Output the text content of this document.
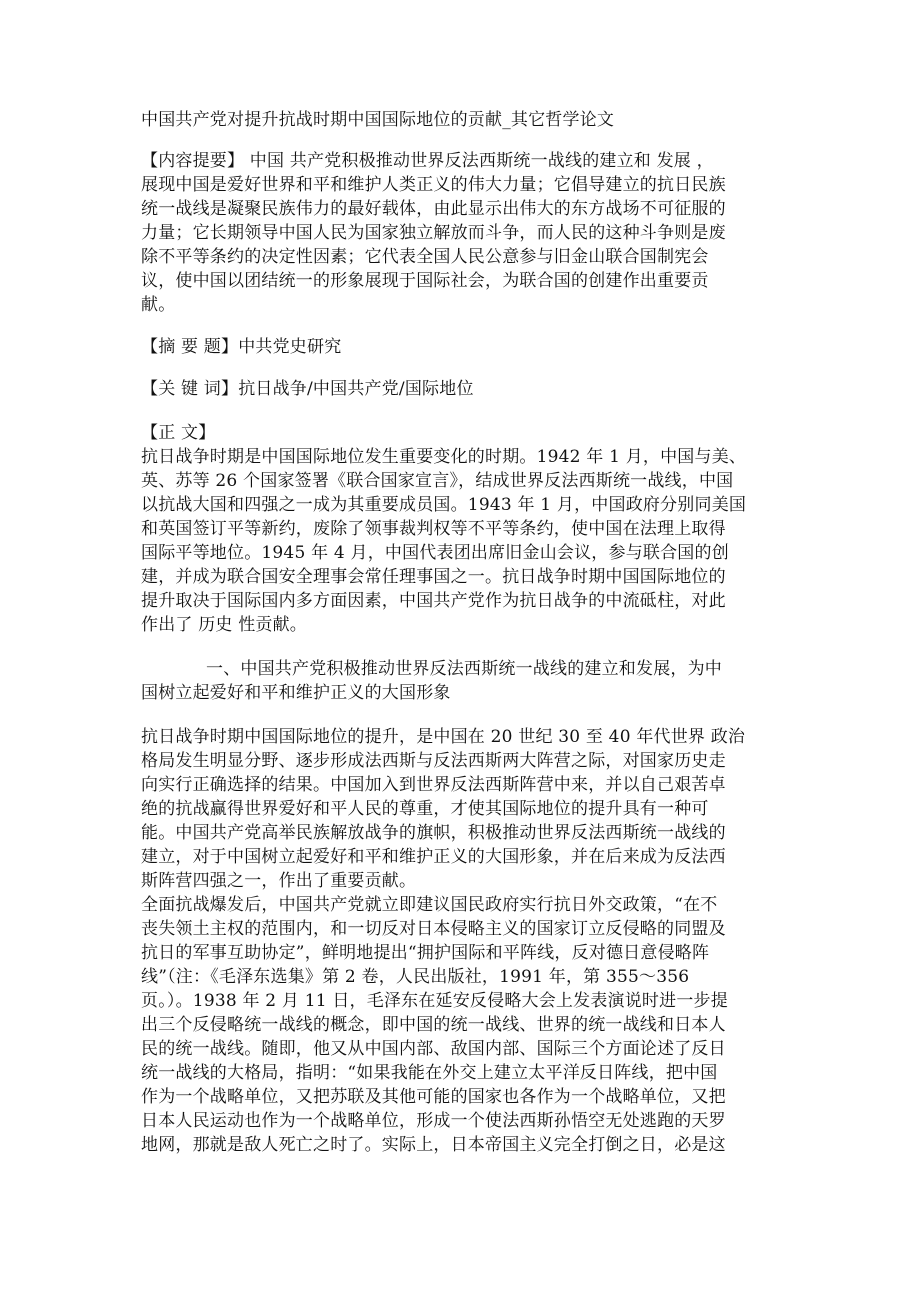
中国共产党对提升抗战时期中国国际地位的贡献_其它哲学论文
【内容提要】 中国 共产党积极推动世界反法西斯统一战线的建立和 发展 ，
展现中国是爱好世界和平和维护人类正义的伟大力量；它倡导建立的抗日民族
统一战线是凝聚民族伟力的最好载体，由此显示出伟大的东方战场不可征服的
力量；它长期领导中国人民为国家独立解放而斗争，而人民的这种斗争则是废
除不平等条约的决定性因素；它代表全国人民公意参与旧金山联合国制宪会
议，使中国以团结统一的形象展现于国际社会，为联合国的创建作出重要贡
献。
【摘 要 题】中共党史研究
【关 键 词】抗日战争/中国共产党/国际地位
【正 文】
抗日战争时期是中国国际地位发生重要变化的时期。1942 年 1 月，中国与美、
英、苏等 26 个国家签署《联合国家宣言》，结成世界反法西斯统一战线，中国
以抗战大国和四强之一成为其重要成员国。1943 年 1 月，中国政府分别同美国
和英国签订平等新约，废除了领事裁判权等不平等条约，使中国在法理上取得
国际平等地位。1945 年 4 月，中国代表团出席旧金山会议，参与联合国的创
建，并成为联合国安全理事会常任理事国之一。抗日战争时期中国国际地位的
提升取决于国际国内多方面因素，中国共产党作为抗日战争的中流砥柱，对此
作出了 历史 性贡献。
一、中国共产党积极推动世界反法西斯统一战线的建立和发展，为中
国树立起爱好和平和维护正义的大国形象
抗日战争时期中国国际地位的提升，是中国在 20 世纪 30 至 40 年代世界 政治
格局发生明显分野、逐步形成法西斯与反法西斯两大阵营之际，对国家历史走
向实行正确选择的结果。中国加入到世界反法西斯阵营中来，并以自己艰苦卓
绝的抗战赢得世界爱好和平人民的尊重，才使其国际地位的提升具有一种可
能。中国共产党高举民族解放战争的旗帜，积极推动世界反法西斯统一战线的
建立，对于中国树立起爱好和平和维护正义的大国形象，并在后来成为反法西
斯阵营四强之一，作出了重要贡献。
全面抗战爆发后，中国共产党就立即建议国民政府实行抗日外交政策，“在不
丧失领土主权的范围内，和一切反对日本侵略主义的国家订立反侵略的同盟及
抗日的军事互助协定”，鲜明地提出“拥护国际和平阵线，反对德日意侵略阵
线”（注：《毛泽东选集》第 2 卷，人民出版社，1991 年，第 355～356
页。）。1938 年 2 月 11 日，毛泽东在延安反侵略大会上发表演说时进一步提
出三个反侵略统一战线的概念，即中国的统一战线、世界的统一战线和日本人
民的统一战线。随即，他又从中国内部、敌国内部、国际三个方面论述了反日
统一战线的大格局，指明：“如果我能在外交上建立太平洋反日阵线，把中国
作为一个战略单位，又把苏联及其他可能的国家也各作为一个战略单位，又把
日本人民运动也作为一个战略单位，形成一个使法西斯孙悟空无处逃跑的天罗
地网，那就是敌人死亡之时了。实际上，日本帝国主义完全打倒之日，必是这
